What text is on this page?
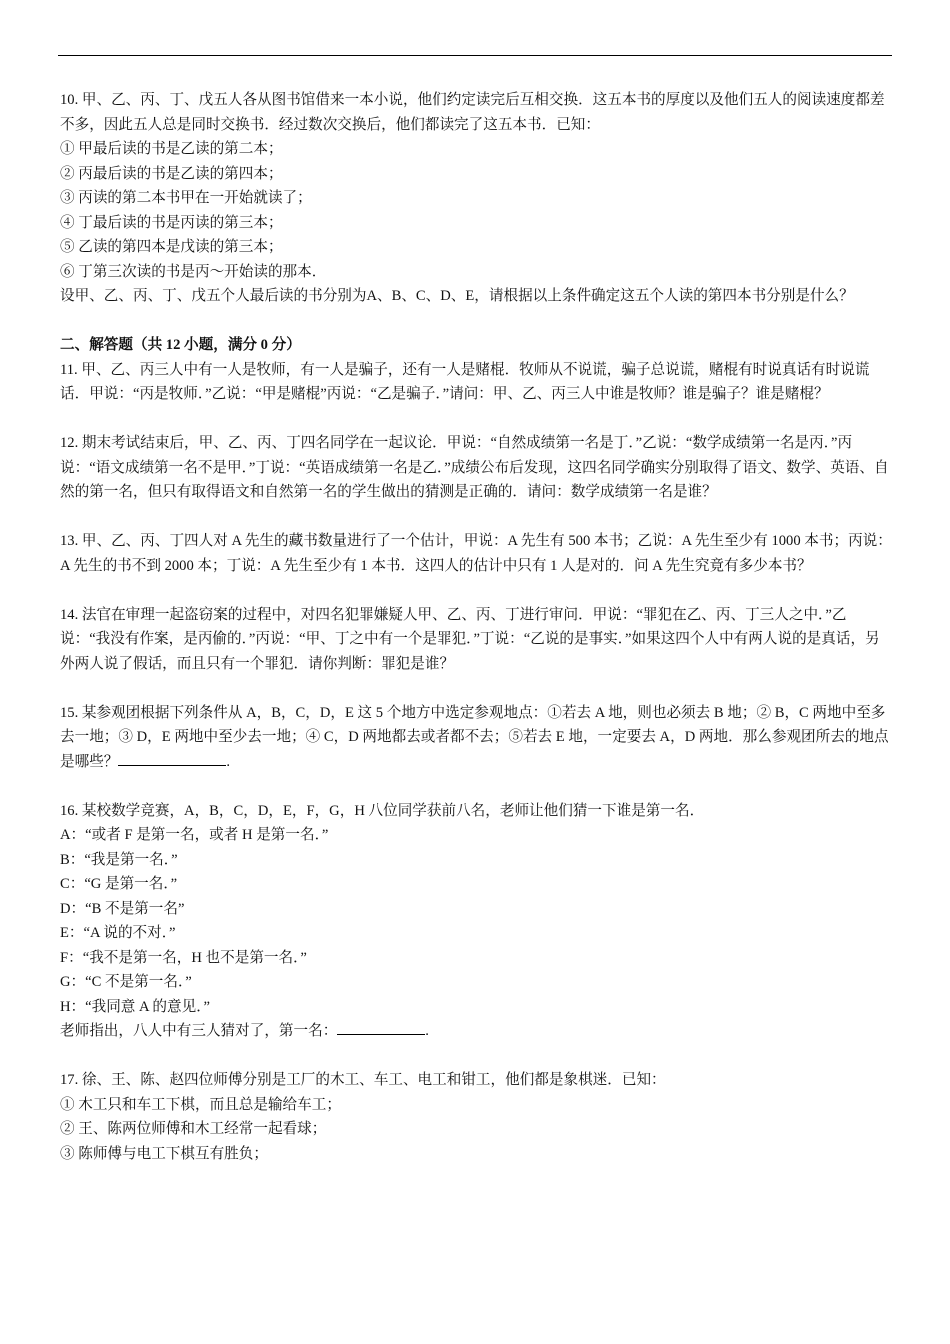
10. 甲、乙、丙、丁、戊五人各从图书馆借来一本小说，他们约定读完后互相交换．这五本书的厚度以及他们五人的阅读速度都差不多，因此五人总是同时交换书．经过数次交换后，他们都读完了这五本书．已知：

① 甲最后读的书是乙读的第二本；

② 丙最后读的书是乙读的第四本；

③ 丙读的第二本书甲在一开始就读了；

④ 丁最后读的书是丙读的第三本；

⑤ 乙读的第四本是戊读的第三本；

⑥ 丁第三次读的书是丙～开始读的那本．

设甲、乙、丙、丁、戊五个人最后读的书分别为A、B、C、D、E，请根据以上条件确定这五个人读的第四本书分别是什么？

二、解答题（共 12 小题，满分 0 分）

11. 甲、乙、丙三人中有一人是牧师，有一人是骗子，还有一人是赌棍．牧师从不说谎，骗子总说谎，赌棍有时说真话有时说谎话．甲说：“丙是牧师．”乙说：“甲是赌棍”丙说：“乙是骗子．”请问：甲、乙、丙三人中谁是牧师？谁是骗子？谁是赌棍？

12. 期末考试结束后，甲、乙、丙、丁四名同学在一起议论．甲说：“自然成绩第一名是丁．”乙说：“数学成绩第一名是丙．”丙说：“语文成绩第一名不是甲．”丁说：“英语成绩第一名是乙．”成绩公布后发现，这四名同学确实分别取得了语文、数学、英语、自然的第一名，但只有取得语文和自然第一名的学生做出的猜测是正确的．请问：数学成绩第一名是谁？

13. 甲、乙、丙、丁四人对 A 先生的藏书数量进行了一个估计，甲说：A 先生有 500 本书；乙说：A 先生至少有 1000 本书；丙说：A 先生的书不到 2000 本；丁说：A 先生至少有 1 本书．这四人的估计中只有 1 人是对的．问 A 先生究竟有多少本书？

14. 法官在审理一起盗窃案的过程中，对四名犯罪嫌疑人甲、乙、丙、丁进行审问．甲说：“罪犯在乙、丙、丁三人之中．”乙说：“我没有作案，是丙偷的．”丙说：“甲、丁之中有一个是罪犯．”丁说：“乙说的是事实．”如果这四个人中有两人说的是真话，另外两人说了假话，而且只有一个罪犯．请你判断：罪犯是谁？

15. 某参观团根据下列条件从 A，B，C，D，E 这 5 个地方中选定参观地点：①若去 A 地，则也必须去 B 地；② B，C 两地中至多去一地；③ D，E 两地中至少去一地；④ C，D 两地都去或者都不去；⑤若去 E 地，一定要去 A，D 两地．那么参观团所去的地点是哪些？	.

16. 某校数学竞赛，A，B，C，D，E，F，G，H 八位同学获前八名，老师让他们猜一下谁是第一名．

A：“或者 F 是第一名，或者 H 是第一名．”

B：“我是第一名．”

C：“G 是第一名．”

D：“B 不是第一名”

E：“A 说的不对．”

F：“我不是第一名，H 也不是第一名．”

G：“C 不是第一名．”

H：“我同意 A 的意见．”

老师指出，八人中有三人猜对了，第一名：	.

17. 徐、王、陈、赵四位师傅分别是工厂的木工、车工、电工和钳工，他们都是象棋迷．已知：

① 木工只和车工下棋，而且总是输给车工；

② 王、陈两位师傅和木工经常一起看球；

③ 陈师傅与电工下棋互有胜负；
